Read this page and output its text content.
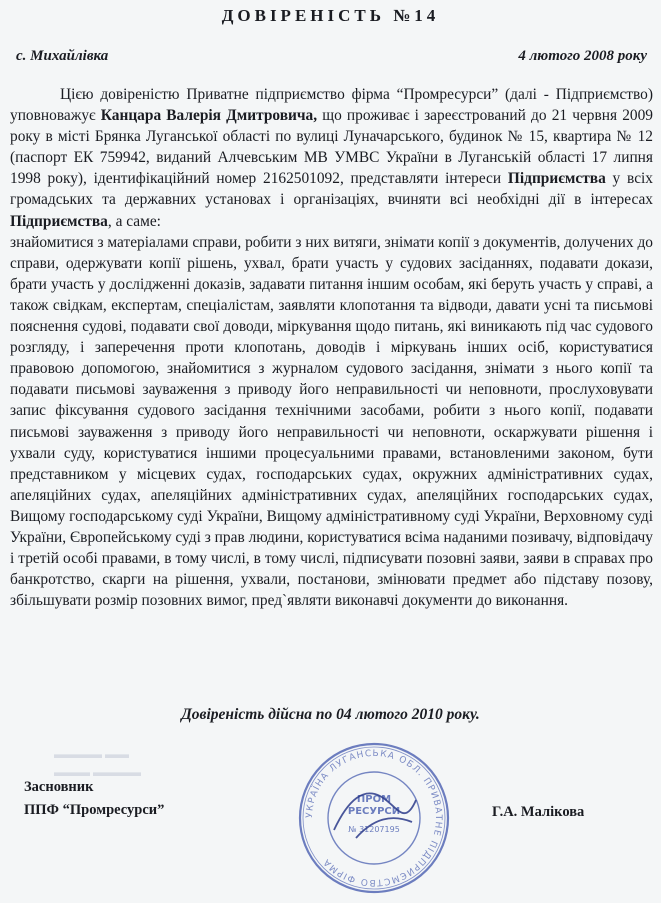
ДОВІРЕНІСТЬ №14
с. Михайлівка	4 лютого 2008 року

Цією довіреністю Приватне підприємство фірма “Промресурси” (далі - Підприємство) уповноважує Канцара Валерія Дмитровича, що проживає і зареєстрований до 21 червня 2009 року в місті Брянка Луганської області по вулиці Луначарського, будинок № 15, квартира № 12 (паспорт ЕК 759942, виданий Алчевським МВ УМВС України в Луганській області 17 липня 1998 року), ідентифікаційний номер 2162501092, представляти інтереси Підприємства у всіх громадських та державних установах і організаціях, вчиняти всі необхідні дії в інтересах Підприємства, а саме:

знайомитися з матеріалами справи, робити з них витяги, знімати копії з документів, долучених до справи, одержувати копії рішень, ухвал, брати участь у судових засіданнях, подавати докази, брати участь у дослідженні доказів, задавати питання іншим особам, які беруть участь у справі, а також свідкам, експертам, спеціалістам, заявляти клопотання та відводи, давати усні та письмові пояснення судові, подавати свої доводи, міркування щодо питань, які виникають під час судового розгляду, і заперечення проти клопотань, доводів і міркувань інших осіб, користуватися правовою допомогою, знайомитися з журналом судового засідання, знімати з нього копії та подавати письмові зауваження з приводу його неправильності чи неповноти, прослуховувати запис фіксування судового засідання технічними засобами, робити з нього копії, подавати письмові зауваження з приводу його неправильності чи неповноти, оскаржувати рішення і ухвали суду, користуватися іншими процесуальними правами, встановленими законом, бути представником у місцевих судах, господарських судах, окружних адміністративних судах, апеляційних судах, апеляційних адміністративних судах, апеляційних господарських судах, Вищому господарському суді України, Вищому адміністративному суді України, Верховному суді України, Європейському суді з прав людини, користуватися всіма наданими позивачу, відповідачу і третій особі правами, в тому числі, в тому числі, підписувати позовні заяви, заяви в справах про банкротство, скарги на рішення, ухвали, постанови, змінювати предмет або підставу позову, збільшувати розмір позовних вимог, пред`являти виконавчі документи до виконання.

Довіреність дійсна по 04 лютого 2010 року.
▬▬▬▬ ▬▬
▬▬▬ ▬▬▬▬
Засновник
ППФ “Промресурси”	УКРАЇНА ЛУГАНСЬКА ОБЛ. ПРИВАТНЕ ПІДПРИЄМСТВО ФІРМА
ПРОМ
РЕСУРСИ
№ 31207195
Г.А. Малікова
